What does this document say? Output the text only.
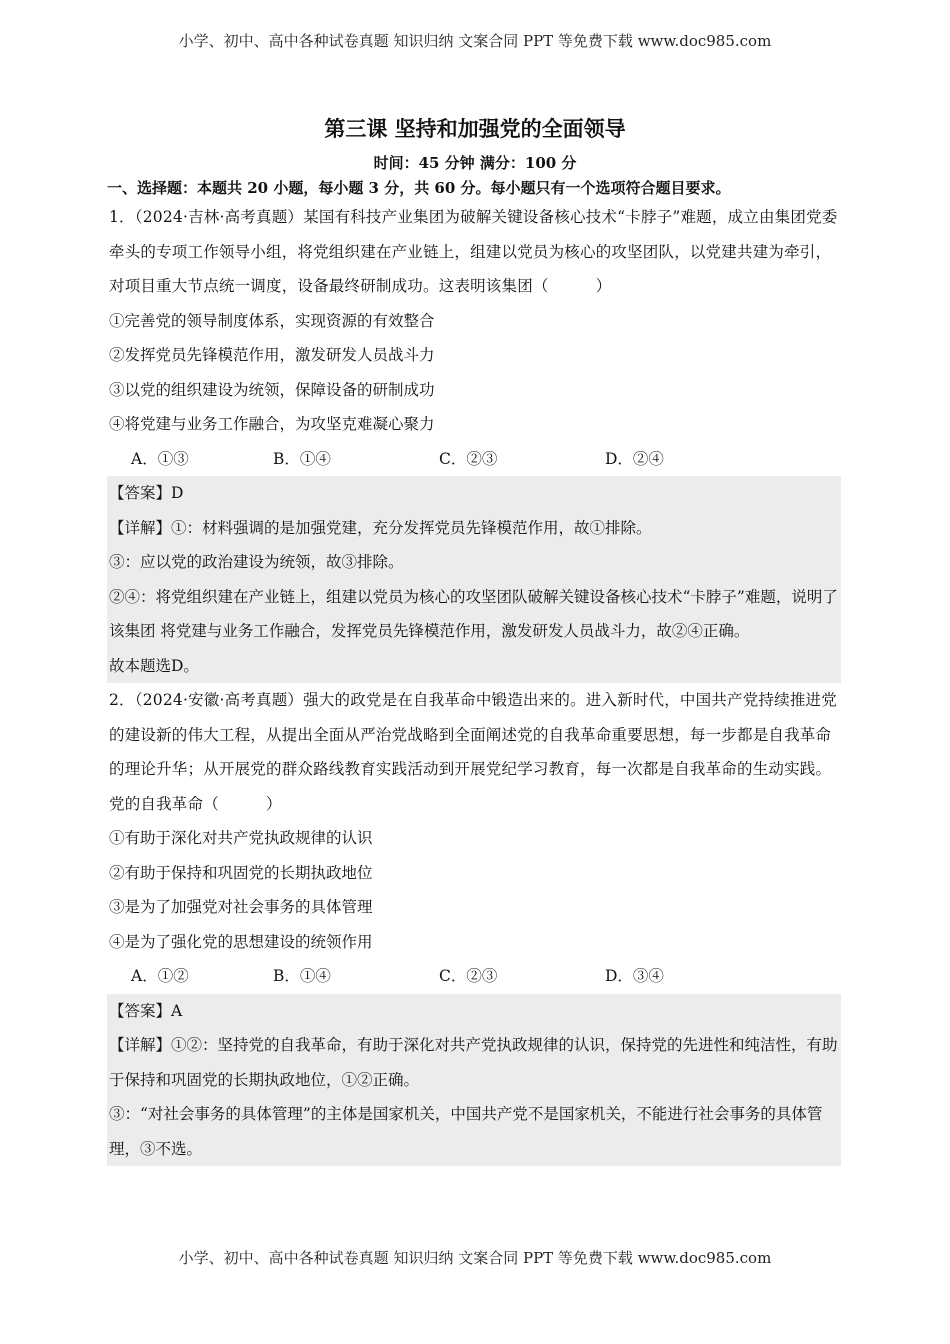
小学、初中、高中各种试卷真题 知识归纳 文案合同 PPT 等免费下载 www.doc985.com
第三课 坚持和加强党的全面领导
时间：45 分钟 满分：100 分
一、选择题：本题共 20 小题，每小题 3 分，共 60 分。每小题只有一个选项符合题目要求。
1．（2024·吉林·高考真题）某国有科技产业集团为破解关键设备核心技术“卡脖子”难题，成立由集团党委牵头的专项工作领导小组，将党组织建在产业链上，组建以党员为核心的攻坚团队，以党建共建为牵引，对项目重大节点统一调度，设备最终研制成功。这表明该集团（　　　）
①完善党的领导制度体系，实现资源的有效整合
②发挥党员先锋模范作用，激发研发人员战斗力
③以党的组织建设为统领，保障设备的研制成功
④将党建与业务工作融合，为攻坚克难凝心聚力
A．①③	B．①④	C．②③	D．②④
【答案】D
【详解】①：材料强调的是加强党建，充分发挥党员先锋模范作用，故①排除。
③：应以党的政治建设为统领，故③排除。
②④：将党组织建在产业链上，组建以党员为核心的攻坚团队破解关键设备核心技术“卡脖子”难题，说明了该集团 将党建与业务工作融合，发挥党员先锋模范作用，激发研发人员战斗力，故②④正确。
故本题选D。
2．（2024·安徽·高考真题）强大的政党是在自我革命中锻造出来的。进入新时代，中国共产党持续推进党的建设新的伟大工程，从提出全面从严治党战略到全面阐述党的自我革命重要思想，每一步都是自我革命的理论升华；从开展党的群众路线教育实践活动到开展党纪学习教育，每一次都是自我革命的生动实践。党的自我革命（　　　）
①有助于深化对共产党执政规律的认识
②有助于保持和巩固党的长期执政地位
③是为了加强党对社会事务的具体管理
④是为了强化党的思想建设的统领作用
A．①②	B．①④	C．②③	D．③④
【答案】A
【详解】①②：坚持党的自我革命，有助于深化对共产党执政规律的认识，保持党的先进性和纯洁性，有助于保持和巩固党的长期执政地位，①②正确。
③：“对社会事务的具体管理”的主体是国家机关，中国共产党不是国家机关，不能进行社会事务的具体管理，③不选。
小学、初中、高中各种试卷真题 知识归纳 文案合同 PPT 等免费下载 www.doc985.com
